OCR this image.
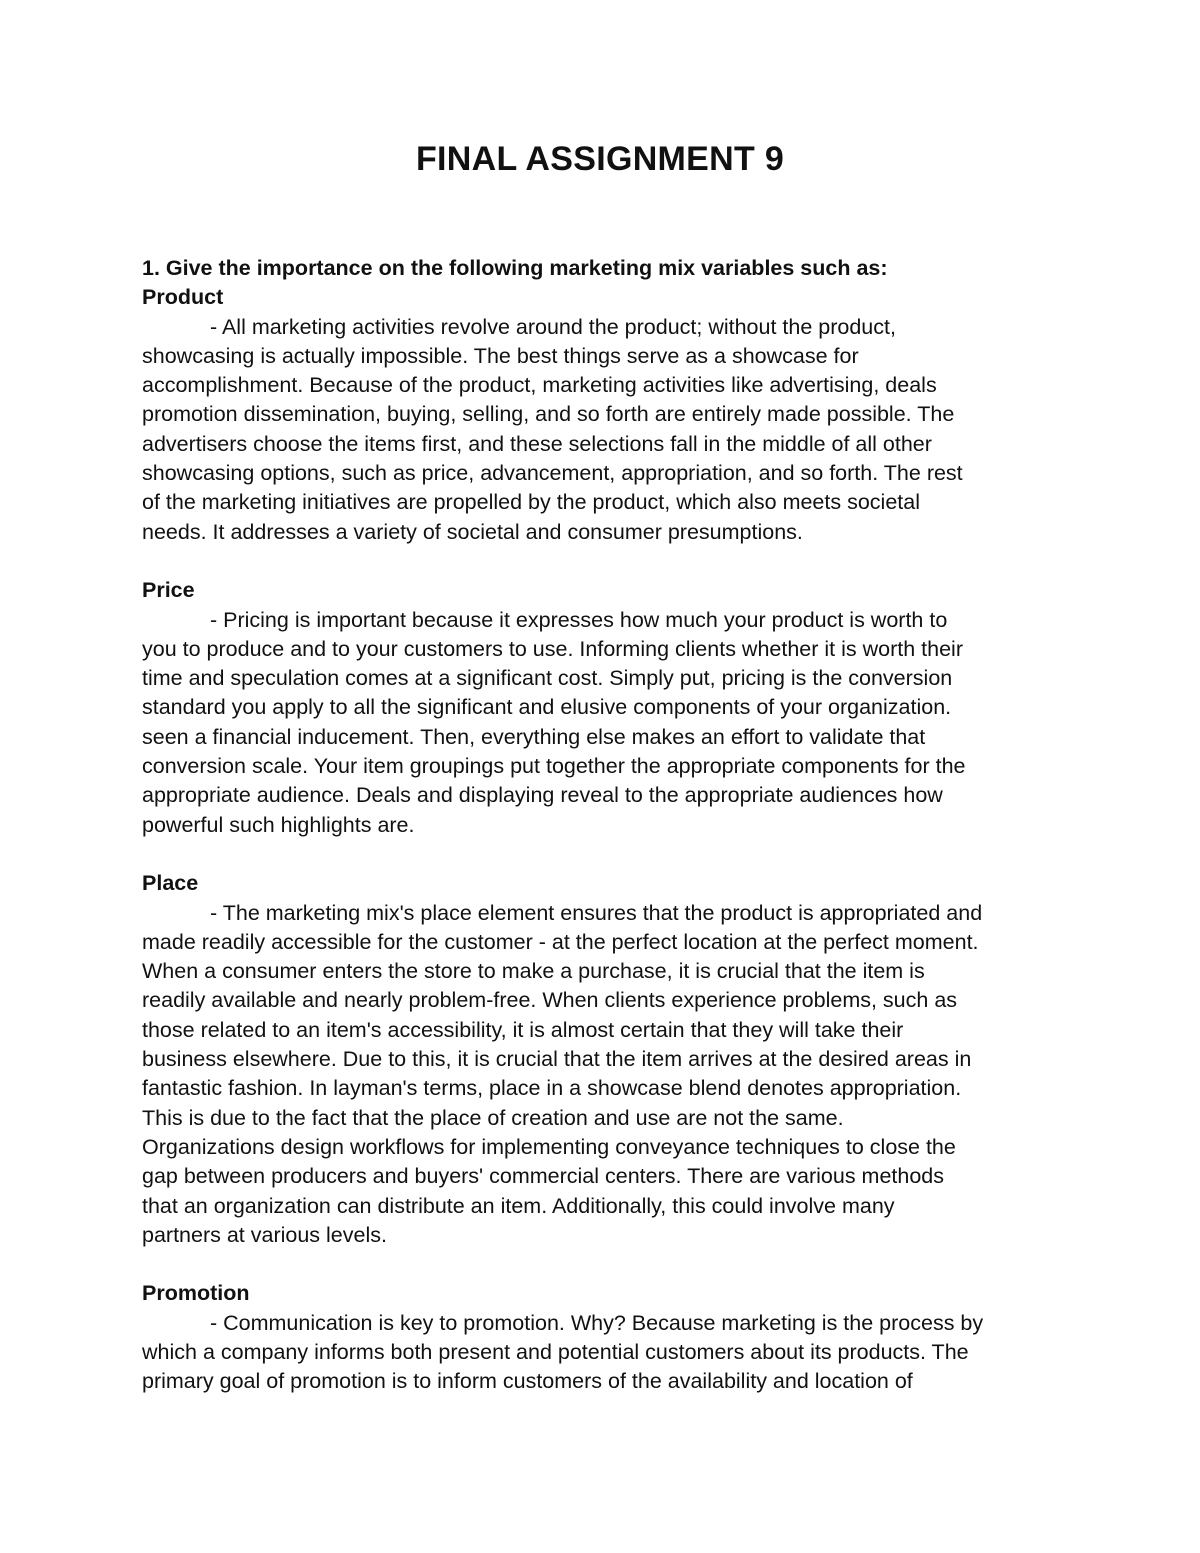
FINAL ASSIGNMENT 9

1. Give the importance on the following marketing mix variables such as:

Product

- All marketing activities revolve around the product; without the product,
showcasing is actually impossible. The best things serve as a showcase for
accomplishment. Because of the product, marketing activities like advertising, deals
promotion dissemination, buying, selling, and so forth are entirely made possible. The
advertisers choose the items first, and these selections fall in the middle of all other
showcasing options, such as price, advancement, appropriation, and so forth. The rest
of the marketing initiatives are propelled by the product, which also meets societal
needs. It addresses a variety of societal and consumer presumptions.

Price

- Pricing is important because it expresses how much your product is worth to
you to produce and to your customers to use. Informing clients whether it is worth their
time and speculation comes at a significant cost. Simply put, pricing is the conversion
standard you apply to all the significant and elusive components of your organization.
seen a financial inducement. Then, everything else makes an effort to validate that
conversion scale. Your item groupings put together the appropriate components for the
appropriate audience. Deals and displaying reveal to the appropriate audiences how
powerful such highlights are.

Place

- The marketing mix's place element ensures that the product is appropriated and
made readily accessible for the customer - at the perfect location at the perfect moment.
When a consumer enters the store to make a purchase, it is crucial that the item is
readily available and nearly problem-free. When clients experience problems, such as
those related to an item's accessibility, it is almost certain that they will take their
business elsewhere. Due to this, it is crucial that the item arrives at the desired areas in
fantastic fashion. In layman's terms, place in a showcase blend denotes appropriation.
This is due to the fact that the place of creation and use are not the same.
Organizations design workflows for implementing conveyance techniques to close the
gap between producers and buyers' commercial centers. There are various methods
that an organization can distribute an item. Additionally, this could involve many
partners at various levels.

Promotion

- Communication is key to promotion. Why? Because marketing is the process by
which a company informs both present and potential customers about its products. The
primary goal of promotion is to inform customers of the availability and location of
